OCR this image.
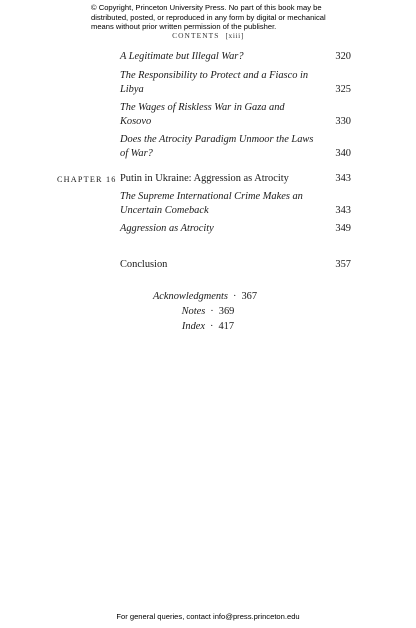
© Copyright, Princeton University Press. No part of this book may be distributed, posted, or reproduced in any form by digital or mechanical means without prior written permission of the publisher.
CONTENTS [xiii]
A Legitimate but Illegal War?	320
The Responsibility to Protect and a Fiasco in Libya	325
The Wages of Riskless War in Gaza and Kosovo	330
Does the Atrocity Paradigm Unmoor the Laws of War?	340
CHAPTER 16 Putin in Ukraine: Aggression as Atrocity	343
The Supreme International Crime Makes an Uncertain Comeback	343
Aggression as Atrocity	349
Conclusion	357
Acknowledgments · 367
Notes · 369
Index · 417
For general queries, contact info@press.princeton.edu
